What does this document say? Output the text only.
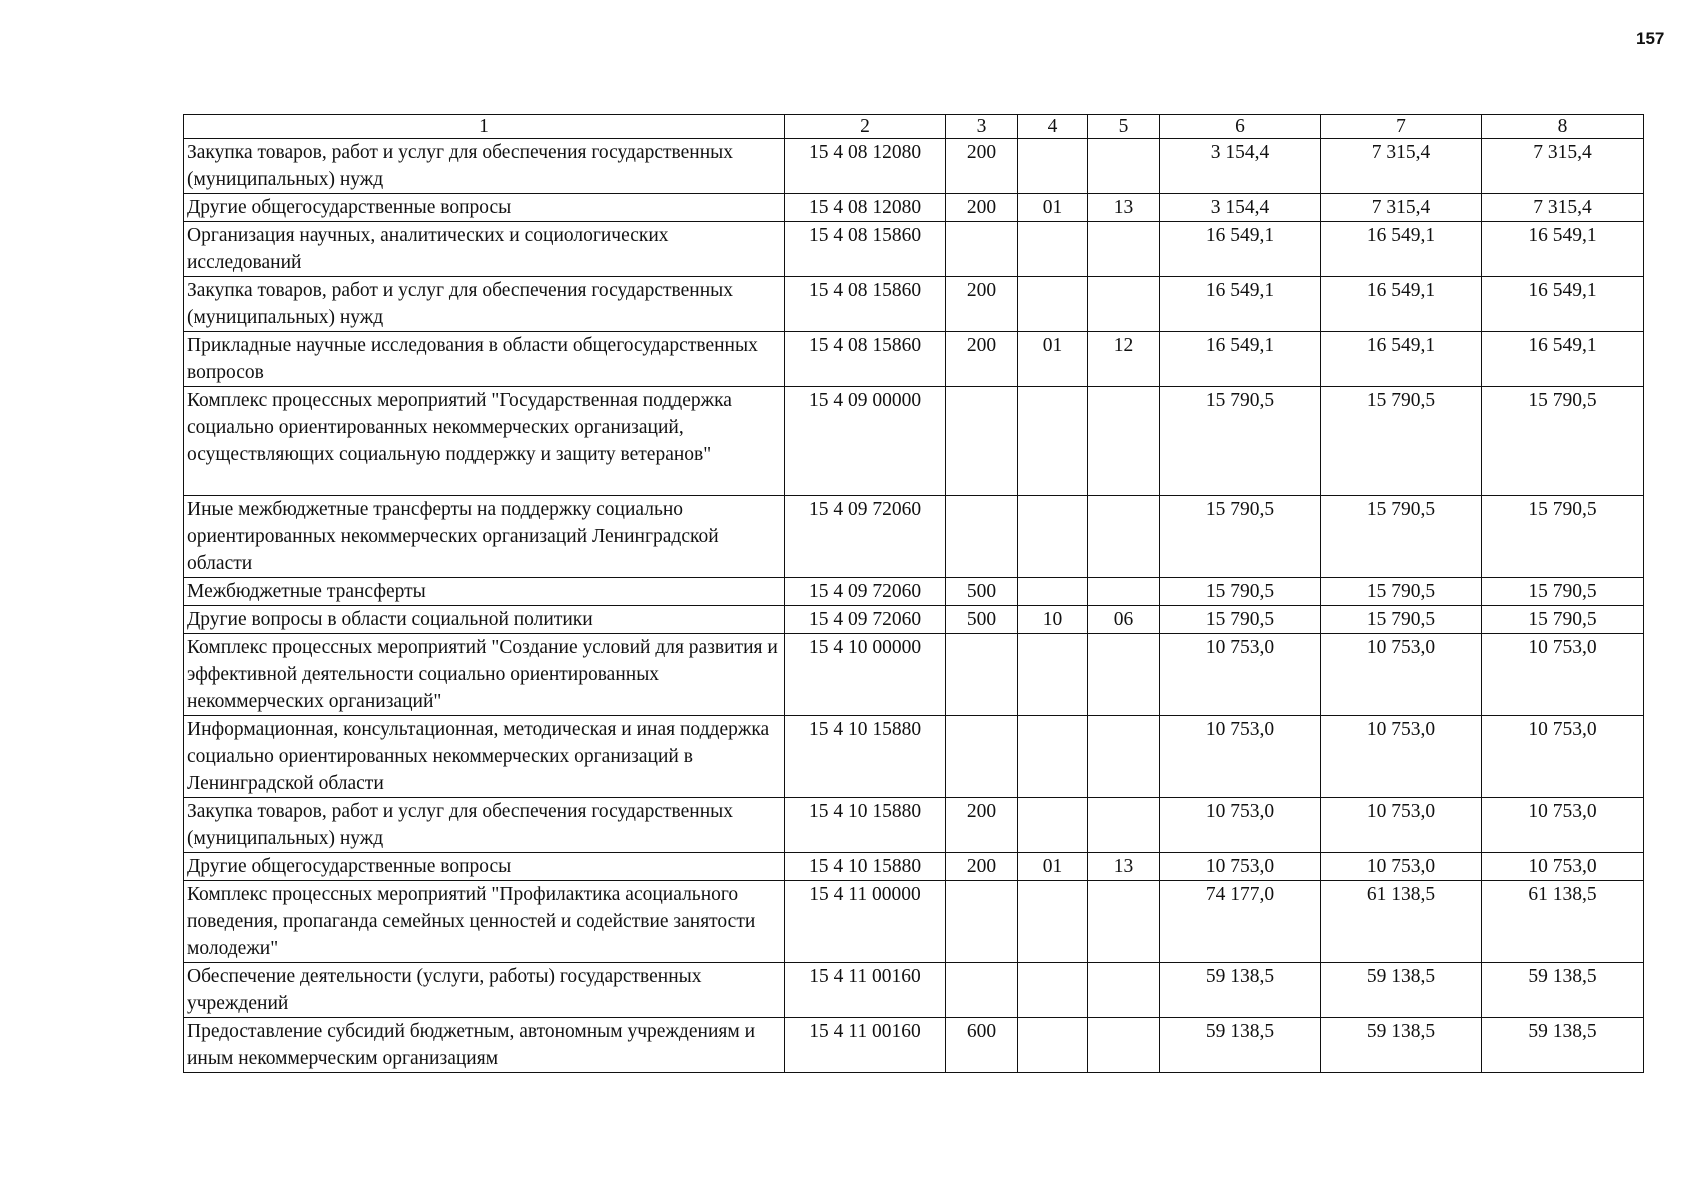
157
1	2	3	4	5	6	7	8
Закупка товаров, работ и услуг для обеспечения государственных (муниципальных) нужд	15 4 08 12080	200			3 154,4	7 315,4	7 315,4
Другие общегосударственные вопросы	15 4 08 12080	200	01	13	3 154,4	7 315,4	7 315,4
Организация научных, аналитических и социологических исследований	15 4 08 15860				16 549,1	16 549,1	16 549,1
Закупка товаров, работ и услуг для обеспечения государственных (муниципальных) нужд	15 4 08 15860	200			16 549,1	16 549,1	16 549,1
Прикладные научные исследования в области общегосударственных вопросов	15 4 08 15860	200	01	12	16 549,1	16 549,1	16 549,1
Комплекс процессных мероприятий "Государственная поддержка социально ориентированных некоммерческих организаций, осуществляющих социальную поддержку и защиту ветеранов"	15 4 09 00000				15 790,5	15 790,5	15 790,5
Иные межбюджетные трансферты на поддержку социально ориентированных некоммерческих организаций Ленинградской области	15 4 09 72060				15 790,5	15 790,5	15 790,5
Межбюджетные трансферты	15 4 09 72060	500			15 790,5	15 790,5	15 790,5
Другие вопросы в области социальной политики	15 4 09 72060	500	10	06	15 790,5	15 790,5	15 790,5
Комплекс процессных мероприятий "Создание условий для развития и эффективной деятельности социально ориентированных некоммерческих организаций"	15 4 10 00000				10 753,0	10 753,0	10 753,0
Информационная, консультационная, методическая и иная поддержка социально ориентированных некоммерческих организаций в Ленинградской области	15 4 10 15880				10 753,0	10 753,0	10 753,0
Закупка товаров, работ и услуг для обеспечения государственных (муниципальных) нужд	15 4 10 15880	200			10 753,0	10 753,0	10 753,0
Другие общегосударственные вопросы	15 4 10 15880	200	01	13	10 753,0	10 753,0	10 753,0
Комплекс процессных мероприятий "Профилактика асоциального поведения, пропаганда семейных ценностей и содействие занятости молодежи"	15 4 11 00000				74 177,0	61 138,5	61 138,5
Обеспечение деятельности (услуги, работы) государственных учреждений	15 4 11 00160				59 138,5	59 138,5	59 138,5
Предоставление субсидий бюджетным, автономным учреждениям и иным некоммерческим организациям	15 4 11 00160	600			59 138,5	59 138,5	59 138,5
